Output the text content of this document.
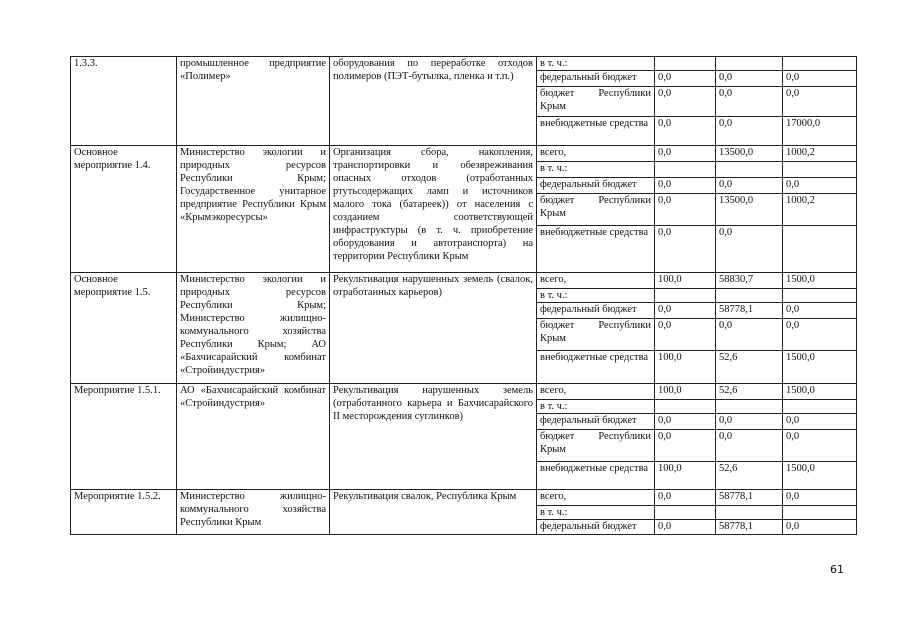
1.3.3.	промышленное предприятие «Полимер»	оборудования по переработке отходов полимеров (ПЭТ-бутылка, пленка и т.п.)	в т. ч.:			
			федеральный бюджет	0,0	0,0	0,0
			бюджет Республики Крым	0,0	0,0	0,0
			внебюджетные средства	0,0	0,0	17000,0
Основное мероприятие 1.4.	Министерство экологии и природных ресурсов Республики Крым; Государственное унитарное предприятие Республики Крым «Крымэкоресурсы»	Организация сбора, накопления, транспортировки и обезвреживания опасных отходов (отработанных ртутьсодержащих ламп и источников малого тока (батареек)) от населения с созданием соответствующей инфраструктуры (в т. ч. приобретение оборудования и автотранспорта) на территории Республики Крым	всего,	0,0	13500,0	1000,2
			в т. ч.:			
			федеральный бюджет	0,0	0,0	0,0
			бюджет Республики Крым	0,0	13500,0	1000,2
			внебюджетные средства	0,0	0,0	
Основное мероприятие 1.5.	Министерство экологии и природных ресурсов Республики Крым; Министерство жилищно-коммунального хозяйства Республики Крым; АО «Бахчисарайский комбинат «Стройиндустрия»	Рекультивация нарушенных земель (свалок, отработанных карьеров)	всего,	100,0	58830,7	1500,0
			в т. ч.:			
			федеральный бюджет	0,0	58778,1	0,0
			бюджет Республики Крым	0,0	0,0	0,0
			внебюджетные средства	100,0	52,6	1500,0
Мероприятие 1.5.1.	АО «Бахчисарайский комбинат «Стройиндустрия»	Рекультивация нарушенных земель (отработанного карьера и Бахчисарайского II месторождения суглинков)	всего,	100,0	52,6	1500,0
			в т. ч.:			
			федеральный бюджет	0,0	0,0	0,0
			бюджет Республики Крым	0,0	0,0	0,0
			внебюджетные средства	100,0	52,6	1500,0
Мероприятие 1.5.2.	Министерство жилищно-коммунального хозяйства Республики Крым	Рекультивация свалок, Республика Крым	всего,	0,0	58778,1	0,0
			в т. ч.:			
			федеральный бюджет	0,0	58778,1	0,0
61
